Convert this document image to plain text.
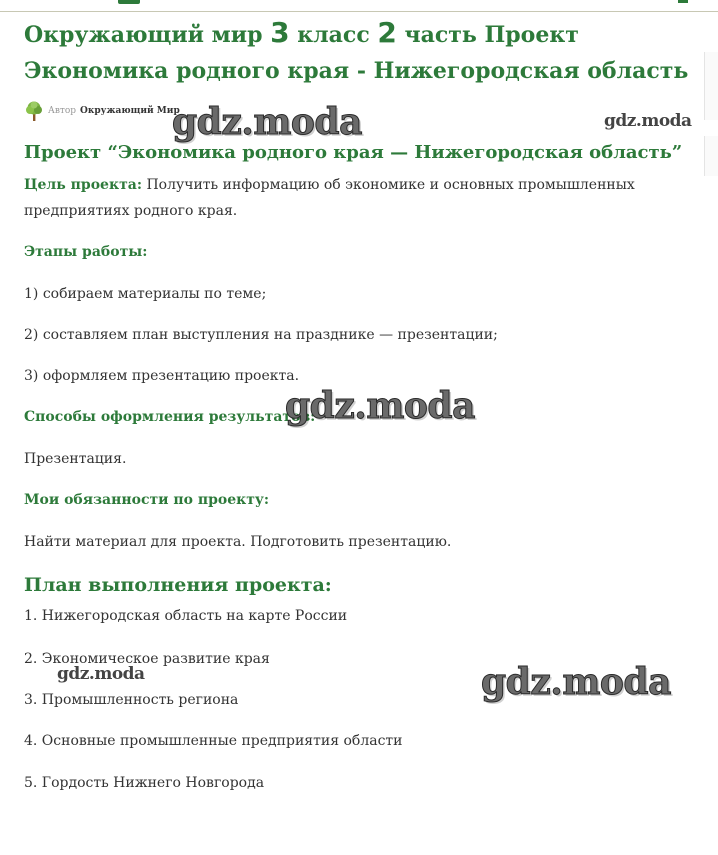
Окружающий мир 3 класс 2 часть Проект
Экономика родного края - Нижегородская область
Автор Окружающий Мир
Проект “Экономика родного края — Нижегородская область”

Цель проекта: Получить информацию об экономике и основных промышленных предприятиях родного края.

Этапы работы:

1) собираем материалы по теме;

2) составляем план выступления на празднике — презентации;

3) оформляем презентацию проекта.

Способы оформления результатов:

Презентация.

Мои обязанности по проекту:

Найти материал для проекта. Подготовить презентацию.

План выполнения проекта:

1. Нижегородская область на карте России

2. Экономическое развитие края

3. Промышленность региона

4. Основные промышленные предприятия области

5. Гордость Нижнего Новгорода

gdz.moda	gdz.moda
gdz.moda
gdz.moda	gdz.moda
